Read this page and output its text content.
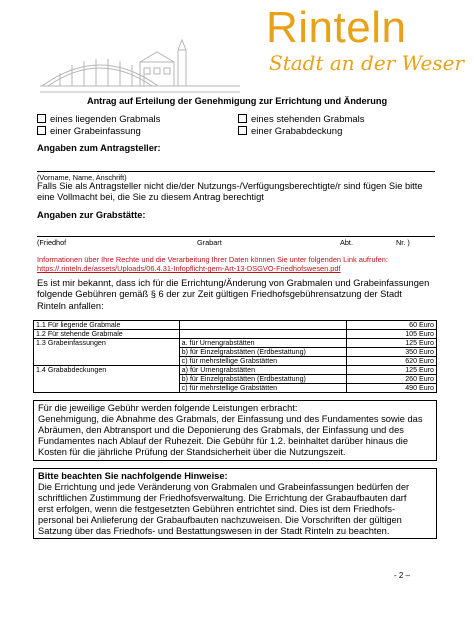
Rinteln
Stadt an der Weser
Antrag auf Erteilung der Genehmigung zur Errichtung und Änderung
eines liegenden Grabmals	eines stehenden Grabmals
einer Grabeinfassung	einer Grababdeckung
Angaben zum Antragsteller:
(Vorname, Name, Anschrift)
Falls Sie als Antragsteller nicht die/der Nutzungs-/Verfügungsberechtigte/r sind fügen Sie bitte
eine Vollmacht bei, die Sie zu diesem Antrag berechtigt
Angaben zur Grabstätte:
(Friedhof	Grabart	Abt.	Nr. )
Informationen über Ihre Rechte und die Verarbeitung Ihrer Daten können Sie unter folgenden Link aufrufen:
https://.rinteln.de/assets/Uploads/06.4.31-Infopflicht-gem-Art-13-DSGVO-Friedhofswesen.pdf
Es ist mir bekannt, dass ich für die Errichtung/Änderung von Grabmalen und Grabeinfassungen
folgende Gebühren gemäß § 6 der zur Zeit gültigen Friedhofsgebührensatzung der Stadt
Rinteln anfallen:
1.1 Für liegende Grabmale		60 Euro
1.2 Für stehende Grabmale		105 Euro
1.3 Grabeinfassungen	a. für Urnengrabstätten	125 Euro
	b) für Einzelgrabstätten (Erdbestattung)	350 Euro
	c) für mehrstellige Grabstätten	620 Euro
1.4 Grababdeckungen	a) für Urnengrabstätten	125 Euro
	b) für Einzelgrabstätten (Erdbestattung)	260 Euro
	c) für mehrstellige Grabstätten	490 Euro
Für die jeweilige Gebühr werden folgende Leistungen erbracht:
Genehmigung, die Abnahme des Grabmals, der Einfassung und des Fundamentes sowie das
Abräumen, den Abtransport und die Deponierung des Grabmals, der Einfassung und des
Fundamentes nach Ablauf der Ruhezeit. Die Gebühr für 1.2. beinhaltet darüber hinaus die
Kosten für die jährliche Prüfung der Standsicherheit über die Nutzungszeit.
Bitte beachten Sie nachfolgende Hinweise:
Die Errichtung und jede Veränderung von Grabmalen und Grabeinfassungen bedürfen der
schriftlichen Zustimmung der Friedhofsverwaltung. Die Errichtung der Grabaufbauten darf
erst erfolgen, wenn die festgesetzten Gebühren entrichtet sind. Dies ist dem Friedhofs-
personal bei Anlieferung der Grabaufbauten nachzuweisen. Die Vorschriften der gültigen
Satzung über das Friedhofs- und Bestattungswesen in der Stadt Rinteln zu beachten.
- 2 –
